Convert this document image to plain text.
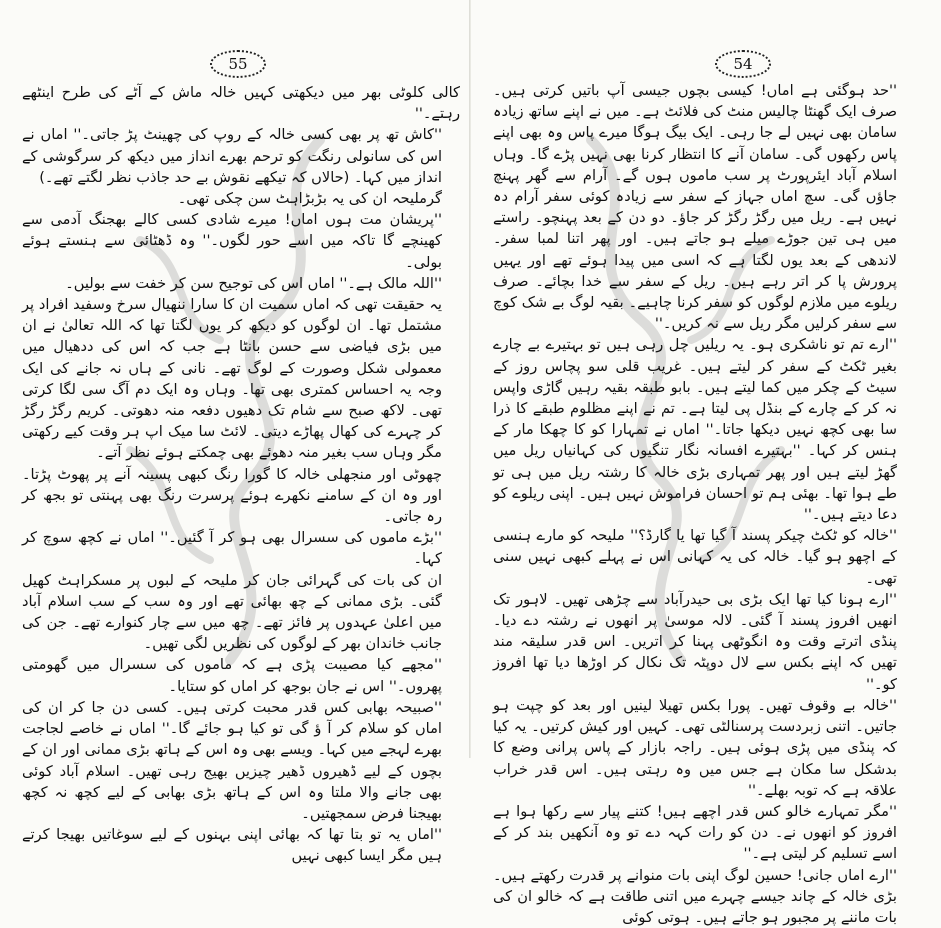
55

کالی کلوٹی بھر میں دیکھتی کہیں خالہ ماش کے آٹے کی طرح اینٹھے رہتے۔''

''کاش تھ پر بھی کسی خالہ کے روپ کی چھینٹ پڑ جاتی۔'' اماں نے اس کی سانولی رنگت کو ترحم بھرے انداز میں دیکھ کر سرگوشی کے انداز میں کہا۔ (حالاں کہ تیکھے نقوش بے حد جاذب نظر لگتے تھے۔)

گرملیحہ ان کی یہ بڑبڑاہٹ سن چکی تھی۔

''پریشان مت ہوں اماں! میرے شادی کسی کالے بھجنگ آدمی سے کھینچے گا تاکہ میں اسے حور لگوں۔'' وہ ڈھٹائی سے ہنستے ہوئے بولی۔

''اللہ مالک ہے۔'' اماں اس کی توجیح سن کر خفت سے بولیں۔

یہ حقیقت تھی کہ اماں سمیت ان کا سارا ننھیال سرخ وسفید افراد پر مشتمل تھا۔ ان لوگوں کو دیکھ کر یوں لگتا تھا کہ اللہ تعالیٰ نے ان میں بڑی فیاضی سے حسن بانٹا ہے جب کہ اس کی ددھیال میں معمولی شکل وصورت کے لوگ تھے۔ نانی کے ہاں نہ جانے کی ایک وجہ یہ احساس کمتری بھی تھا۔ وہاں وہ ایک دم آگ سی لگا کرتی تھی۔ لاکھ صبح سے شام تک دھیوں دفعہ منہ دھوتی۔ کریم رگڑ رگڑ کر چہرے کی کھال پھاڑے دیتی۔ لائٹ سا میک اپ ہر وقت کیے رکھتی مگر وہاں سب بغیر منہ دھوئے بھی چمکتے ہوئے نظر آتے۔

چھوٹی اور منجھلی خالہ کا گورا رنگ کبھی پسینہ آنے پر پھوٹ پڑتا۔ اور وہ ان کے سامنے نکھرے ہوئے پرسرت رنگ بھی پہنتی تو بجھ کر رہ جاتی۔

''بڑے ماموں کی سسرال بھی ہو کر آ گئیں۔'' اماں نے کچھ سوچ کر کہا۔

ان کی بات کی گہرائی جان کر ملیحہ کے لبوں پر مسکراہٹ کھیل گئی۔ بڑی ممانی کے چھ بھائی تھے اور وہ سب کے سب اسلام آباد میں اعلیٰ عہدوں پر فائز تھے۔ چھ میں سے چار کنوارے تھے۔ جن کی جانب خاندان بھر کے لوگوں کی نظریں لگی تھیں۔

''مجھے کیا مصیبت پڑی ہے کہ ماموں کی سسرال میں گھومتی پھروں۔'' اس نے جان بوجھ کر اماں کو ستایا۔

''صبیحہ بھابی کس قدر محبت کرتی ہیں۔ کسی دن جا کر ان کی اماں کو سلام کر آ ؤ گی تو کیا ہو جائے گا۔'' اماں نے خاصے لجاجت بھرے لہجے میں کہا۔ ویسے بھی وہ اس کے ہاتھ بڑی ممانی اور ان کے بچوں کے لیے ڈھیروں ڈھیر چیزیں بھیج رہی تھیں۔ اسلام آباد کوئی بھی جانے والا ملتا وہ اس کے ہاتھ بڑی بھابی کے لیے کچھ نہ کچھ بھیجنا فرض سمجھتیں۔

''اماں یہ تو بتا تھا کہ بھائی اپنی بہنوں کے لیے سوغاتیں بھیجا کرتے ہیں مگر ایسا کبھی نہیں

54

''حد ہوگئی ہے اماں! کیسی بچوں جیسی آپ باتیں کرتی ہیں۔ صرف ایک گھنٹا چالیس منٹ کی فلائٹ ہے۔ میں نے اپنے ساتھ زیادہ سامان بھی نہیں لے جا رہی۔ ایک بیگ ہوگا میرے پاس وہ بھی اپنے پاس رکھوں گی۔ سامان آنے کا انتظار کرنا بھی نہیں پڑے گا۔ وہاں اسلام آباد ایئرپورٹ پر سب ماموں ہوں گے۔ آرام سے گھر پہنچ جاؤں گی۔ سچ اماں جہاز کے سفر سے زیادہ کوئی سفر آرام دہ نہیں ہے۔ ریل میں رگڑ رگڑ کر جاؤ۔ دو دن کے بعد پہنچو۔ راستے میں ہی تین جوڑے میلے ہو جاتے ہیں۔ اور پھر اتنا لمبا سفر۔ لاندھی کے بعد یوں لگتا ہے کہ اسی میں پیدا ہوئے تھے اور یہیں پرورش پا کر اتر رہے ہیں۔ ریل کے سفر سے خدا بچائے۔ صرف ریلوے میں ملازم لوگوں کو سفر کرنا چاہیے۔ بقیہ لوگ بے شک کوچ سے سفر کرلیں مگر ریل سے نہ کریں۔''

''ارے تم تو ناشکری ہو۔ یہ ریلیں چل رہی ہیں تو بہتیرے بے چارے بغیر ٹکٹ کے سفر کر لیتے ہیں۔ غریب قلی سو پچاس روز کے سیٹ کے چکر میں کما لیتے ہیں۔ بابو طبقہ بقیہ رہیں گاڑی واپس نہ کر کے چارے کے بنڈل پی لیتا ہے۔ تم نے اپنے مظلوم طبقے کا ذرا سا بھی کچھ نہیں دیکھا جاتا۔'' اماں نے تمہارا کو کا چھکا مار کے ہنس کر کہا۔ ''بہتیرے افسانہ نگار تنگیوں کی کہانیاں ریل میں گھڑ لیتے ہیں اور پھر تمہاری بڑی خالہ کا رشتہ ریل میں ہی تو طے ہوا تھا۔ بھئی ہم تو احسان فراموش نہیں ہیں۔ اپنی ریلوے کو دعا دیتے ہیں۔''

''خالہ کو ٹکٹ چیکر پسند آ گیا تھا یا گارڈ؟'' ملیحہ کو مارے ہنسی کے اچھو ہو گیا۔ خالہ کی یہ کہانی اس نے پہلے کبھی نہیں سنی تھی۔

''ارے ہونا کیا تھا ایک بڑی بی حیدرآباد سے چڑھی تھیں۔ لاہور تک انھیں افروز پسند آ گئی۔ لالہ موسیٰ پر انھوں نے رشتہ دے دیا۔ پنڈی اترتے وقت وہ انگوٹھی پہنا کر اتریں۔ اس قدر سلیقہ مند تھیں کہ اپنے بکس سے لال دوپٹہ تک نکال کر اوڑھا دیا تھا افروز کو۔''

''خالہ بے وقوف تھیں۔ پورا بکس تھیلا لینیں اور بعد کو چپت ہو جاتیں۔ اتنی زبردست پرسنالٹی تھی۔ کہیں اور کیش کرتیں۔ یہ کیا کہ پنڈی میں پڑی ہوئی ہیں۔ راجہ بازار کے پاس پرانی وضع کا بدشکل سا مکان ہے جس میں وہ رہتی ہیں۔ اس قدر خراب علاقہ ہے کہ توبہ بھلے۔''

''مگر تمہارے خالو کس قدر اچھے ہیں! کتنے پیار سے رکھا ہوا ہے افروز کو انھوں نے۔ دن کو رات کہہ دے تو وہ آنکھیں بند کر کے اسے تسلیم کر لیتی ہے۔''

''ارے اماں جانی! حسین لوگ اپنی بات منوانے پر قدرت رکھتے ہیں۔ بڑی خالہ کے چاند جیسے چہرے میں اتنی طاقت ہے کہ خالو ان کی بات ماننے پر مجبور ہو جاتے ہیں۔ ہوتی کوئی
